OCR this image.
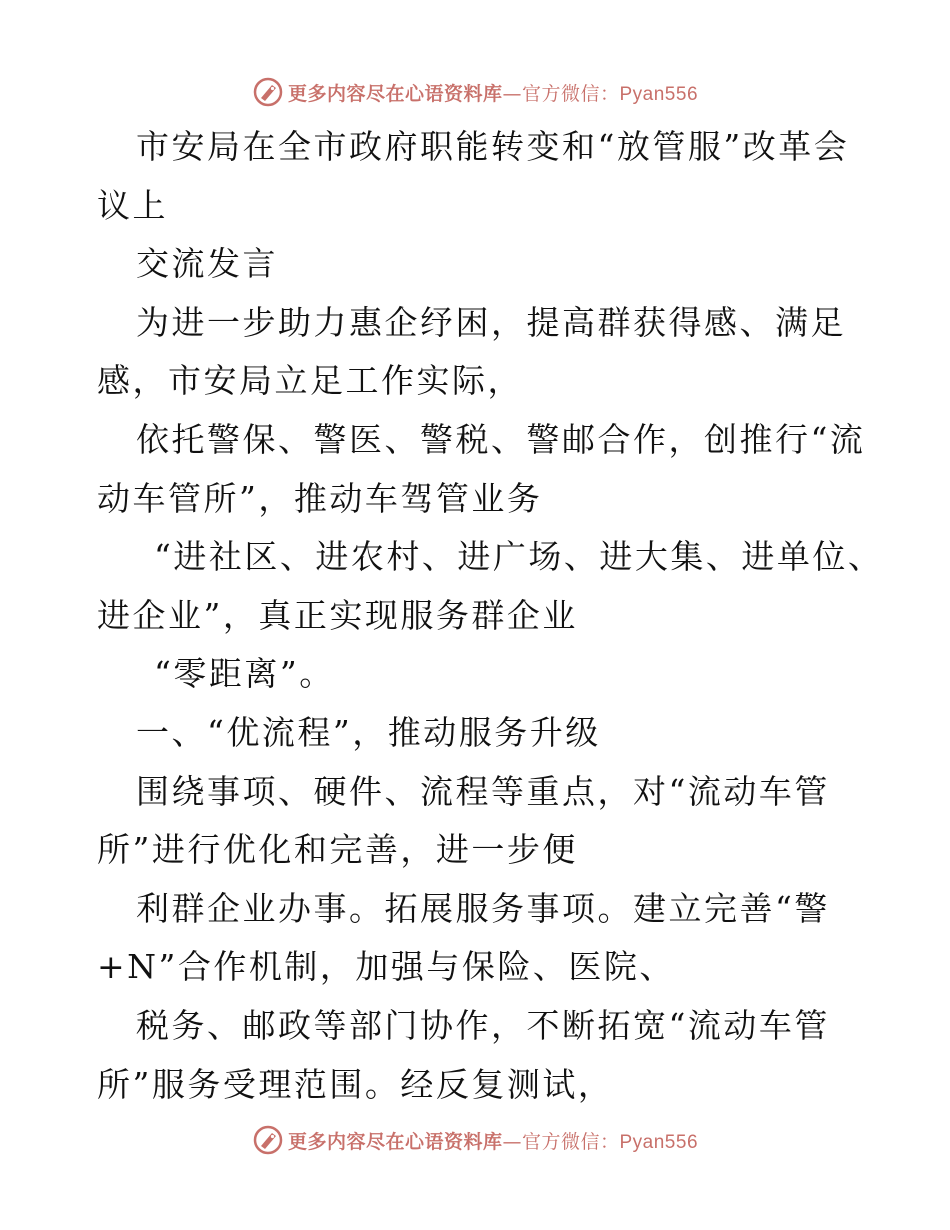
更多内容尽在心语资料库—官方微信：Pyan556
市安局在全市政府职能转变和“放管服”改革会
议上
交流发言
为进一步助力惠企纾困，提高群获得感、满足
感，市安局立足工作实际，
依托警保、警医、警税、警邮合作，创推行“流
动车管所”，推动车驾管业务
“进社区、进农村、进广场、进大集、进单位、
进企业”，真正实现服务群企业
“零距离”。
一、“优流程”，推动服务升级
围绕事项、硬件、流程等重点，对“流动车管
所”进行优化和完善，进一步便
利群企业办事。拓展服务事项。建立完善“警
+N”合作机制，加强与保险、医院、
税务、邮政等部门协作，不断拓宽“流动车管
所”服务受理范围。经反复测试，
更多内容尽在心语资料库—官方微信：Pyan556
